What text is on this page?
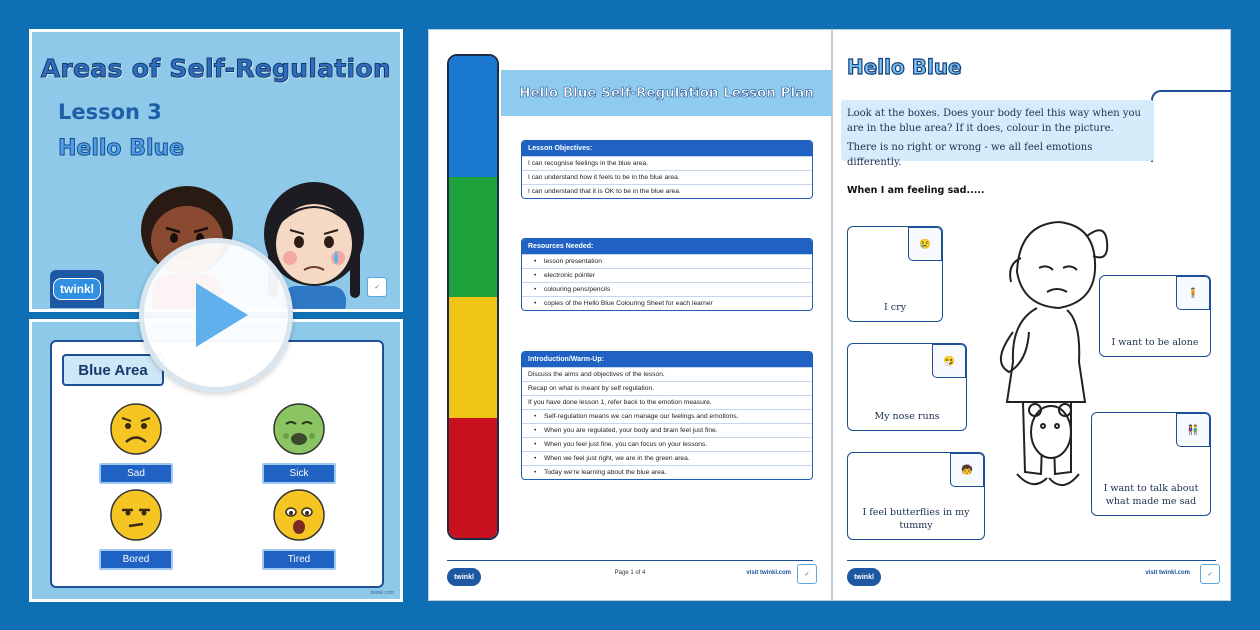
Areas of Self-Regulation
Lesson 3
Hello Blue
twinkl	✓
Blue Area
Sad	Sick
Bored	Tired
twinkl.com
Hello Blue Self-Regulation Lesson Plan
Lesson Objectives:
I can recognise feelings in the blue area.
I can understand how it feels to be in the blue area.
I can understand that it is OK to be in the blue area.
Resources Needed:
• lesson presentation
• electronic pointer
• colouring pens/pencils
• copies of the Hello Blue Colouring Sheet for each learner
Introduction/Warm-Up:
Discuss the aims and objectives of the lesson.
Recap on what is meant by self regulation.
If you have done lesson 1, refer back to the emotion measure.
• Self-regulation means we can manage our feelings and emotions.
• When you are regulated, your body and brain feel just fine.
• When you feel just fine, you can focus on your lessons.
• When we feel just right, we are in the green area.
• Today we're learning about the blue area.
twinkl
Page 1 of 4	visit twinkl.com	✓
Hello Blue

Look at the boxes. Does your body feel this way when you are in the blue area? If it does, colour in the picture.

There is no right or wrong - we all feel emotions differently.

When I am feeling sad.....
I cry
😢
I want to be alone
🧍
My nose runs
🤧
I want to talk about what made me sad
👫
I feel butterflies in my tummy
🧒
twinkl
visit twinkl.com	✓
